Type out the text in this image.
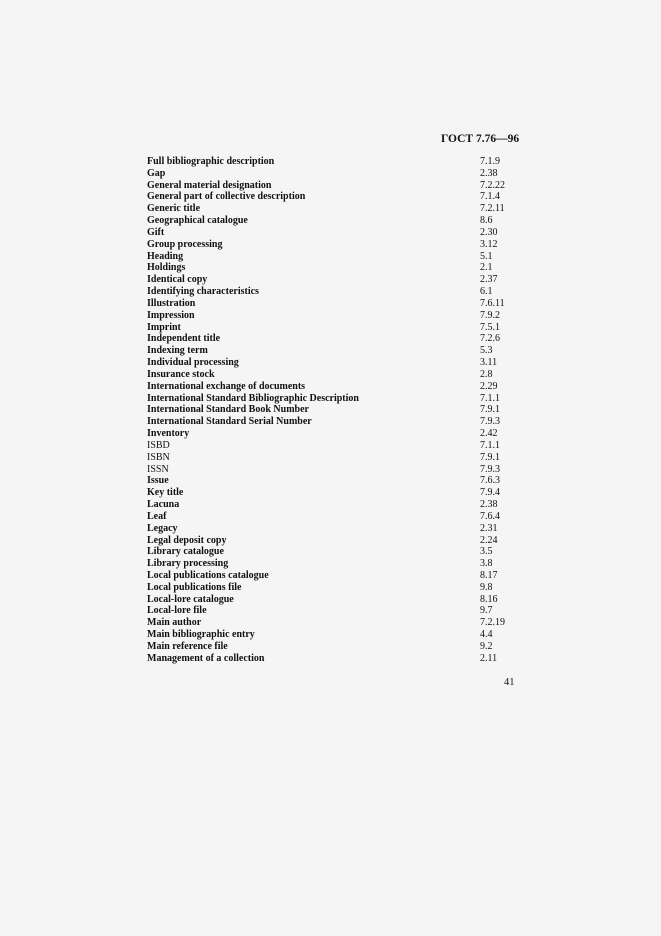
ГОСТ 7.76—96
Full bibliographic description	7.1.9
Gap	2.38
General material designation	7.2.22
General part of collective description	7.1.4
Generic title	7.2.11
Geographical catalogue	8.6
Gift	2.30
Group processing	3.12
Heading	5.1
Holdings	2.1
Identical copy	2.37
Identifying characteristics	6.1
Illustration	7.6.11
Impression	7.9.2
Imprint	7.5.1
Independent title	7.2.6
Indexing term	5.3
Individual processing	3.11
Insurance stock	2.8
International exchange of documents	2.29
International Standard Bibliographic Description	7.1.1
International Standard Book Number	7.9.1
International Standard Serial Number	7.9.3
Inventory	2.42
ISBD	7.1.1
ISBN	7.9.1
ISSN	7.9.3
Issue	7.6.3
Key title	7.9.4
Lacuna	2.38
Leaf	7.6.4
Legacy	2.31
Legal deposit copy	2.24
Library catalogue	3.5
Library processing	3.8
Local publications catalogue	8.17
Local publications file	9.8
Local-lore catalogue	8.16
Local-lore file	9.7
Main author	7.2.19
Main bibliographic entry	4.4
Main reference file	9.2
Management of a collection	2.11
41
